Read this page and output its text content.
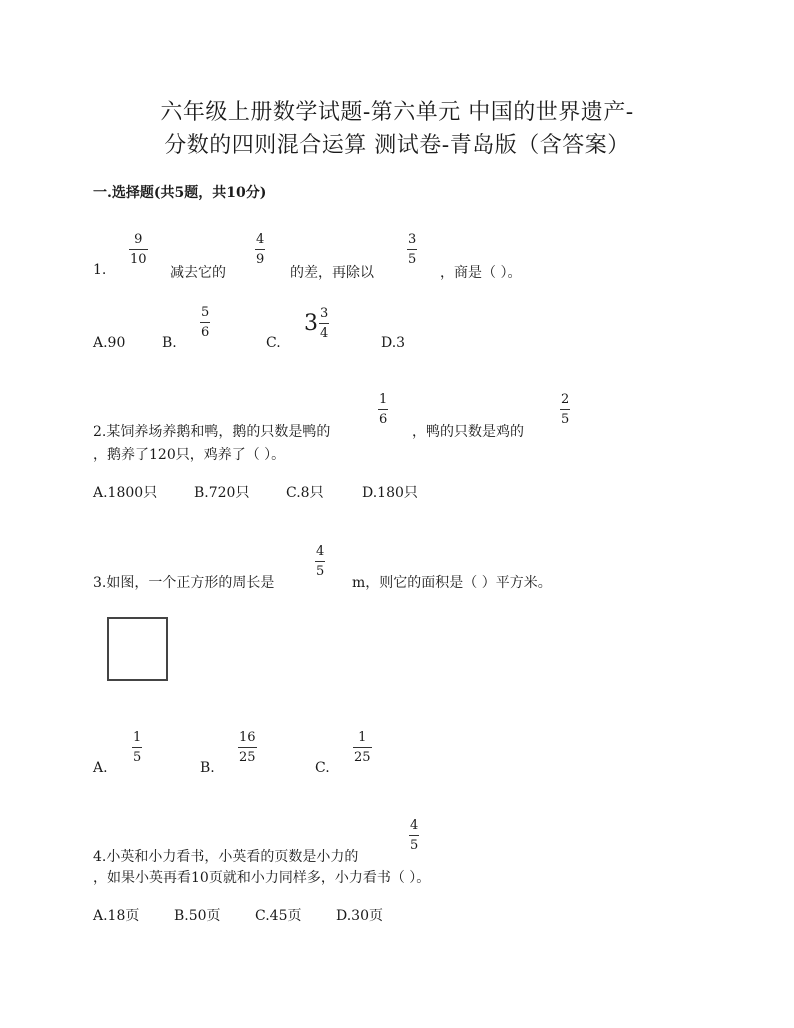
六年级上册数学试题-第六单元 中国的世界遗产-
分数的四则混合运算 测试卷-青岛版（含答案）
一.选择题(共5题，共10分)
1.
9
10
减去它的
4
9
的差，再除以
3
5
，商是（ ）。
A.90	B.
5
6
C.
$3 \frac{3}{4}$
D.3
2.某饲养场养鹅和鸭，鹅的只数是鸭的
1
6
，鸭的只数是鸡的
2
5
，鹅养了120只，鸡养了（ ）。
A.1800只	B.720只	C.8只	D.180只
3.如图，一个正方形的周长是
4
5
m，则它的面积是（ ）平方米。
A.
1
5
B.
16
25
C.
1
25
4.小英和小力看书，小英看的页数是小力的
4
5
，如果小英再看10页就和小力同样多，小力看书（ ）。
A.18页 B.50页 C.45页 D.30页
